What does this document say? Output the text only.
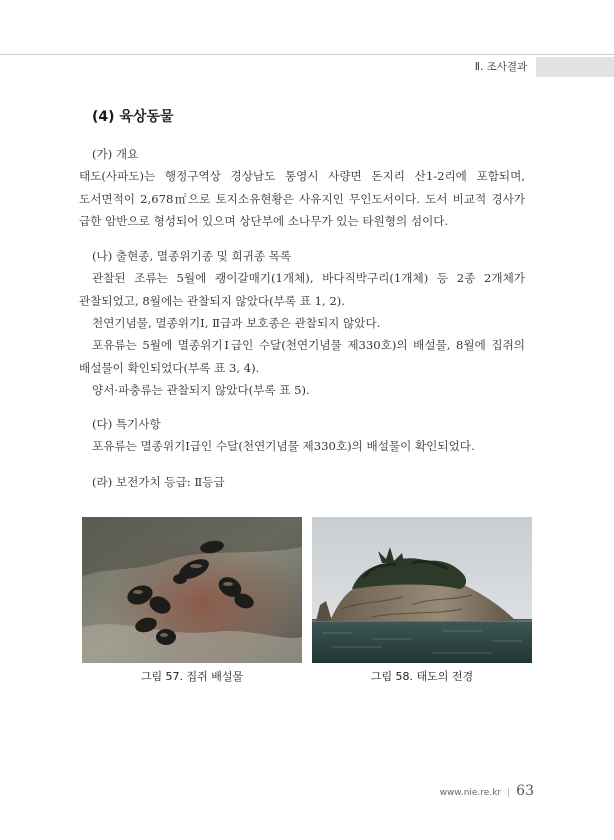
Ⅱ. 조사결과
(4) 육상동물
(가) 개요
태도(사파도)는 행정구역상 경상남도 통영시 사량면 돈지리 산1-2리에 포함되며,
도서면적이 2,678㎡으로 토지소유현황은 사유지인 무인도서이다. 도서 비교적 경사가
급한 암반으로 형성되어 있으며 상단부에 소나무가 있는 타원형의 섬이다.
(나) 출현종, 멸종위기종 및 희귀종 목록
관찰된 조류는 5월에 괭이갈매기(1개체), 바다직박구리(1개체) 등 2종 2개체가
관찰되었고, 8월에는 관찰되지 않았다(부록 표 1, 2).
천연기념물, 멸종위기Ⅰ, Ⅱ급과 보호종은 관찰되지 않았다.
포유류는 5월에 멸종위기Ⅰ급인 수달(천연기념물 제330호)의 배설물, 8월에 집쥐의
배설물이 확인되었다(부록 표 3, 4).
양서·파충류는 관찰되지 않았다(부록 표 5).
(다) 특기사항
포유류는 멸종위기Ⅰ급인 수달(천연기념물 제330호)의 배설물이 확인되었다.
(라) 보전가치 등급: Ⅱ등급
그림 57. 집쥐 배설물	그림 58. 태도의 전경
www.nie.re.kr | 63
